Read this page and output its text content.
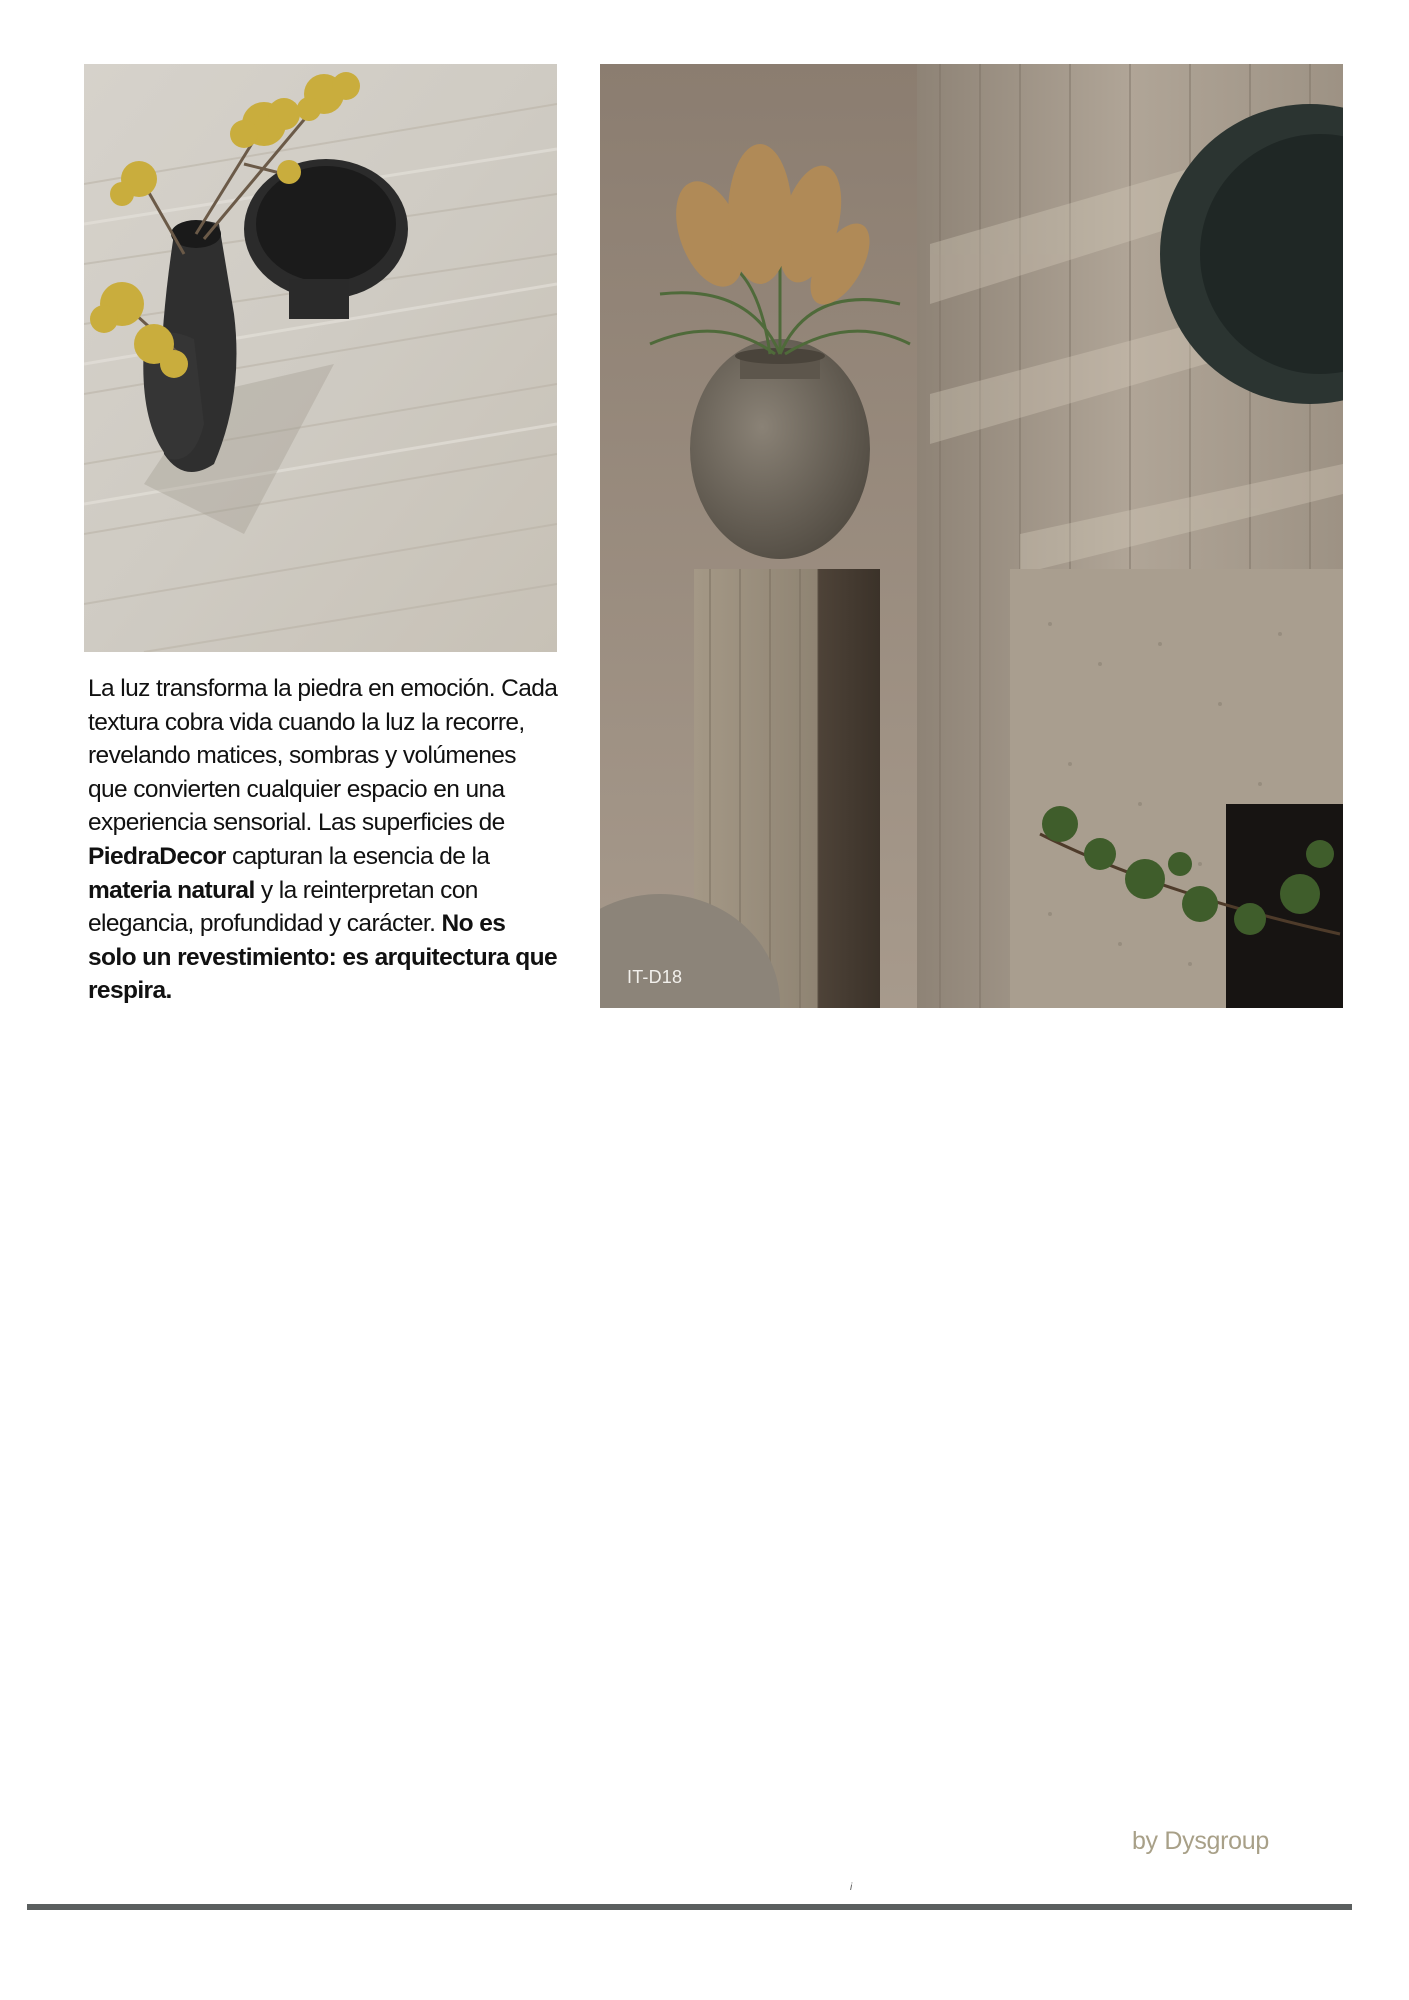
IT-D18

La luz transforma la piedra en emoción. Cada textura cobra vida cuando la luz la recorre, revelando matices, sombras y volúmenes que convierten cualquier espacio en una experiencia sensorial. Las superficies de PiedraDecor capturan la esencia de la materia natural y la reinterpretan con elegancia, profundidad y carácter. No es solo un revestimiento: es arquitectura que respira.

by Dysgroup
i
